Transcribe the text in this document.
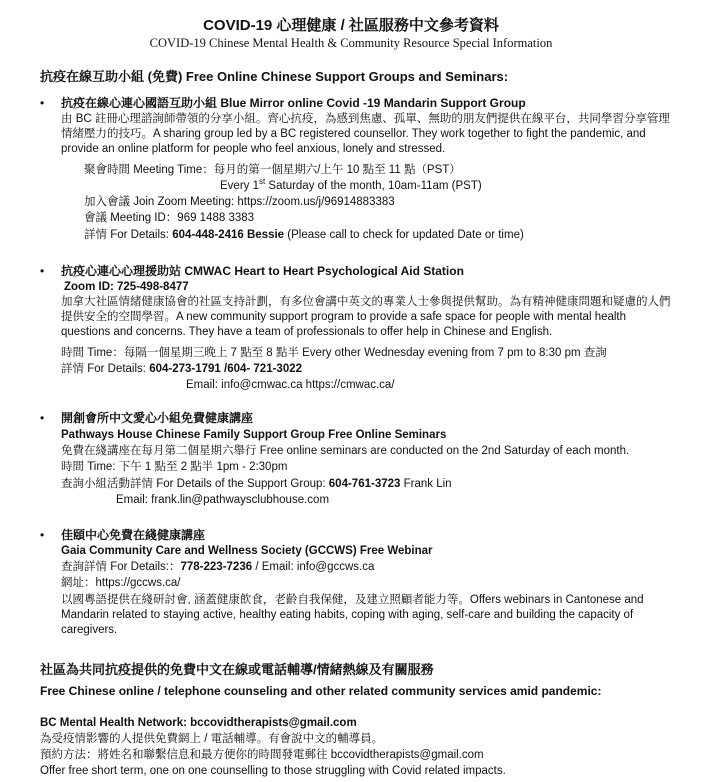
COVID-19 心理健康 / 社區服務中文參考資料
COVID-19 Chinese Mental Health & Community Resource Special Information
抗疫在線互助小組 (免費) Free Online Chinese Support Groups and Seminars:
• 抗疫在線心連心國語互助小組 Blue Mirror online Covid -19 Mandarin Support Group
由 BC 註冊心理諮詢師帶領的分享小組。齊心抗疫，為感到焦慮、孤單、無助的朋友們提供在線平台，共同學習分享管理情緒壓力的技巧。A sharing group led by a BC registered counsellor. They work together to fight the pandemic, and provide an online platform for people who feel anxious, lonely and stressed.
聚會時間 Meeting Time：每月的第一個星期六/上午 10 點至 11 點（PST）
Every 1st Saturday of the month, 10am-11am (PST)
加入會議 Join Zoom Meeting: https://zoom.us/j/96914883383
會議 Meeting ID：969 1488 3383
詳情 For Details: 604-448-2416 Bessie (Please call to check for updated Date or time)
• 抗疫心連心心理援助站 CMWAC Heart to Heart Psychological Aid Station
Zoom ID: 725-498-8477
加拿大社區情緒健康協會的社區支持計劃，有多位會講中英文的專業人士參與提供幫助。為有精神健康問題和疑慮的人們提供安全的空間學習。A new community support program to provide a safe space for people with mental health questions and concerns. They have a team of professionals to offer help in Chinese and English.
時間 Time：每隔一個星期三晚上 7 點至 8 點半 Every other Wednesday evening from 7 pm to 8:30 pm 查詢
詳情 For Details: 604-273-1791 /604- 721-3022
Email: info@cmwac.ca https://cmwac.ca/
• 開創會所中文愛心小組免費健康講座
Pathways House Chinese Family Support Group Free Online Seminars
免費在綫講座在每月第二個星期六舉行 Free online seminars are conducted on the 2nd Saturday of each month.
時間 Time: 下午 1 點至 2 點半 1pm - 2:30pm
查詢小組活動詳情 For Details of the Support Group: 604-761-3723 Frank Lin
Email: frank.lin@pathwaysclubhouse.com
• 佳頤中心免費在綫健康講座
Gaia Community Care and Wellness Society (GCCWS) Free Webinar
查詢詳情 For Details:：778-223-7236 / Email: info@gccws.ca
網址：https://gccws.ca/
以國粵語提供在綫研討會, 涵蓋健康飲食，老齡自我保健，及建立照顧者能力等。Offers webinars in Cantonese and Mandarin related to staying active, healthy eating habits, coping with aging, self-care and building the capacity of caregivers.
社區為共同抗疫提供的免費中文在線或電話輔導/情緒熱線及有關服務
Free Chinese online / telephone counseling and other related community services amid pandemic:
BC Mental Health Network: bccovidtherapists@gmail.com
為受疫情影響的人提供免費網上 / 電話輔導。有會說中文的輔導員。
預約方法：將姓名和聯繫信息和最方便你的時間發電郵往 bccovidtherapists@gmail.com
Offer free short term, one on one counselling to those struggling with Covid related impacts.
